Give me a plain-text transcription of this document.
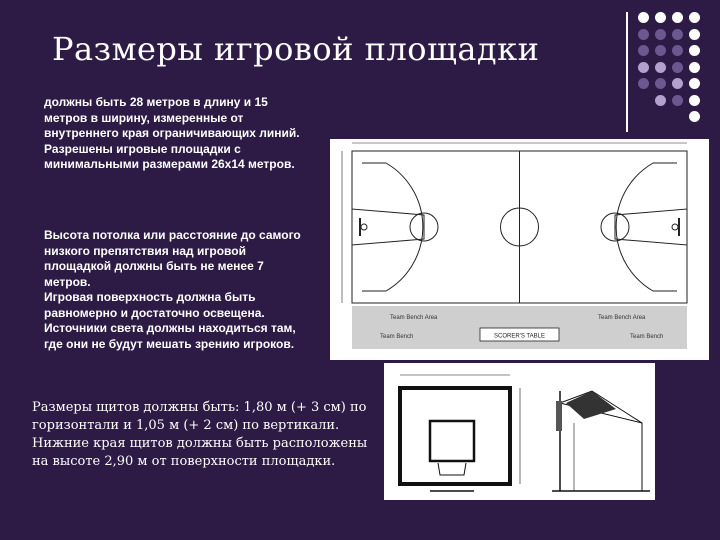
Размеры игровой площадки
должны быть 28 метров в длину и 15 метров в ширину, измеренные от внутреннего края ограничивающих линий. Разрешены игровые площадки с минимальными размерами 26х14 метров.
Высота потолка или расстояние до самого низкого препятствия над игровой площадкой должны быть не менее 7 метров.
Игровая поверхность должна быть равномерно и достаточно освещена. Источники света должны находиться там, где они не будут мешать зрению игроков.	SCORER'S TABLE
Team Bench Area	Team Bench Area
Team Bench	Team Bench
Размеры щитов должны быть: 1,80 м (+ 3 см) по горизонтали и 1,05 м (+ 2 см) по вертикали. Нижние края щитов должны быть расположены на высоте 2,90 м от поверхности площадки.
